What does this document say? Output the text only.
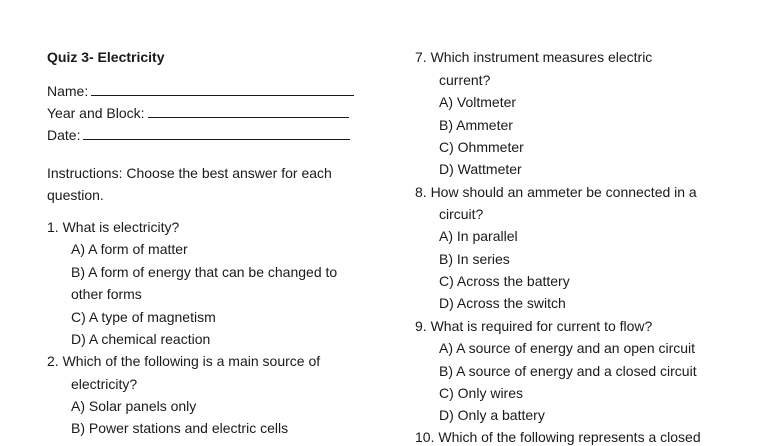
Quiz 3- Electricity
Name:
Year and Block:
Date:
Instructions: Choose the best answer for each
question.
1. What is electricity?
A) A form of matter
B) A form of energy that can be changed to
other forms
C) A type of magnetism
D) A chemical reaction
2. Which of the following is a main source of
electricity?
A) Solar panels only
B) Power stations and electric cells
7. Which instrument measures electric
current?
A) Voltmeter
B) Ammeter
C) Ohmmeter
D) Wattmeter
8. How should an ammeter be connected in a
circuit?
A) In parallel
B) In series
C) Across the battery
D) Across the switch
9. What is required for current to flow?
A) A source of energy and an open circuit
B) A source of energy and a closed circuit
C) Only wires
D) Only a battery
10. Which of the following represents a closed
